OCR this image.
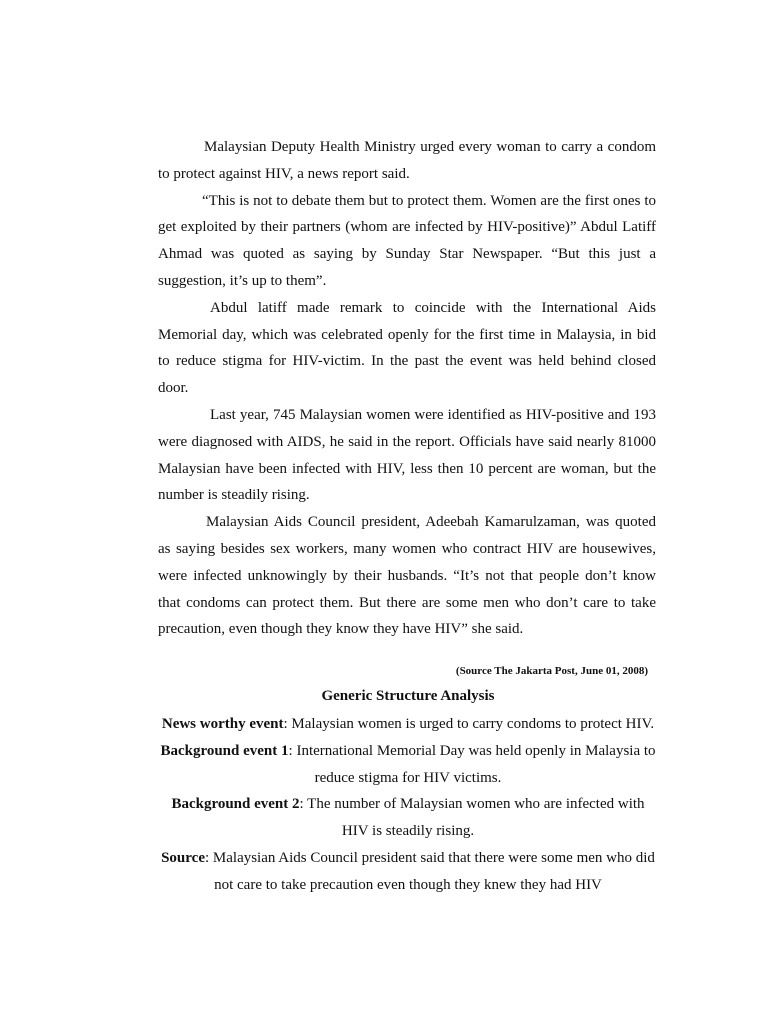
Malaysian Deputy Health Ministry urged every woman to carry a condom to protect against HIV, a news report said.

“This is not to debate them but to protect them. Women are the first ones to get exploited by their partners (whom are infected by HIV-positive)” Abdul Latiff Ahmad was quoted as saying by Sunday Star Newspaper. “But this just a suggestion, it’s up to them”.

Abdul latiff made remark to coincide with the International Aids Memorial day, which was celebrated openly for the first time in Malaysia, in bid to reduce stigma for HIV-victim. In the past the event was held behind closed door.

Last year, 745 Malaysian women were identified as HIV-positive and 193 were diagnosed with AIDS, he said in the report. Officials have said nearly 81000 Malaysian have been infected with HIV, less then 10 percent are woman, but the number is steadily rising.

Malaysian Aids Council president, Adeebah Kamarulzaman, was quoted as saying besides sex workers, many women who contract HIV are housewives, were infected unknowingly by their husbands. “It’s not that people don’t know that condoms can protect them. But there are some men who don’t care to take precaution, even though they know they have HIV” she said.

(Source The Jakarta Post, June 01, 2008)
Generic Structure Analysis

News worthy event: Malaysian women is urged to carry condoms to protect HIV.

Background event 1: International Memorial Day was held openly in Malaysia to reduce stigma for HIV victims.

Background event 2: The number of Malaysian women who are infected with HIV is steadily rising.

Source: Malaysian Aids Council president said that there were some men who did not care to take precaution even though they knew they had HIV
